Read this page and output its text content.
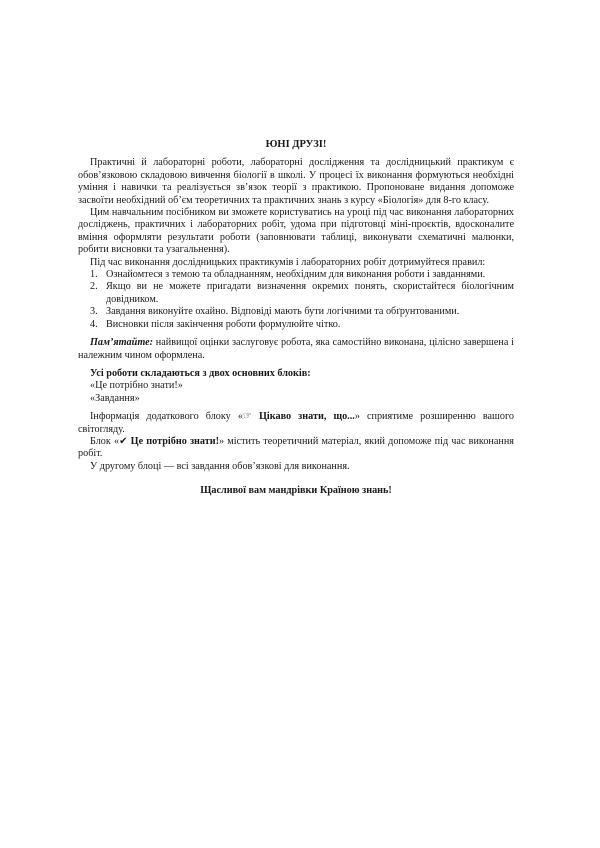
ЮНІ ДРУЗІ!

Практичні й лабораторні роботи, лабораторні дослідження та дослідницький практикум є обов’язковою складовою вивчення біології в школі. У процесі їх виконання формуються необхідні уміння і навички та реалізується зв’язок теорії з практикою. Пропоноване видання допоможе засвоїти необхідний об’єм теоретичних та практичних знань з курсу «Біологія» для 8-го класу.

Цим навчальним посібником ви зможете користуватись на уроці під час виконання лабораторних досліджень, практичних і лабораторних робіт, удома при підготовці міні-проєктів, вдосконалите вміння оформляти результати роботи (заповнювати таблиці, виконувати схематичні малюнки, робити висновки та узагальнення).

Під час виконання дослідницьких практикумів і лабораторних робіт дотримуйтеся правил:

1. Ознайомтеся з темою та обладнанням, необхідним для виконання роботи і завданнями.
2. Якщо ви не можете пригадати визначення окремих понять, скористайтеся біологічним довідником.
3. Завдання виконуйте охайно. Відповіді мають бути логічними та обґрунтованими.
4. Висновки після закінчення роботи формулюйте чітко.

Пам’ятайте: найвищої оцінки заслуговує робота, яка самостійно виконана, цілісно завершена і належним чином оформлена.

Усі роботи складаються з двох основних блоків:

«Це потрібно знати!»

«Завдання»

Інформація додаткового блоку «☞ Цікаво знати, що...» сприятиме розширенню вашого світогляду.

Блок «✔ Це потрібно знати!» містить теоретичний матеріал, який допоможе під час виконання робіт.

У другому блоці — всі завдання обов’язкові для виконання.

Щасливої вам мандрівки Країною знань!
